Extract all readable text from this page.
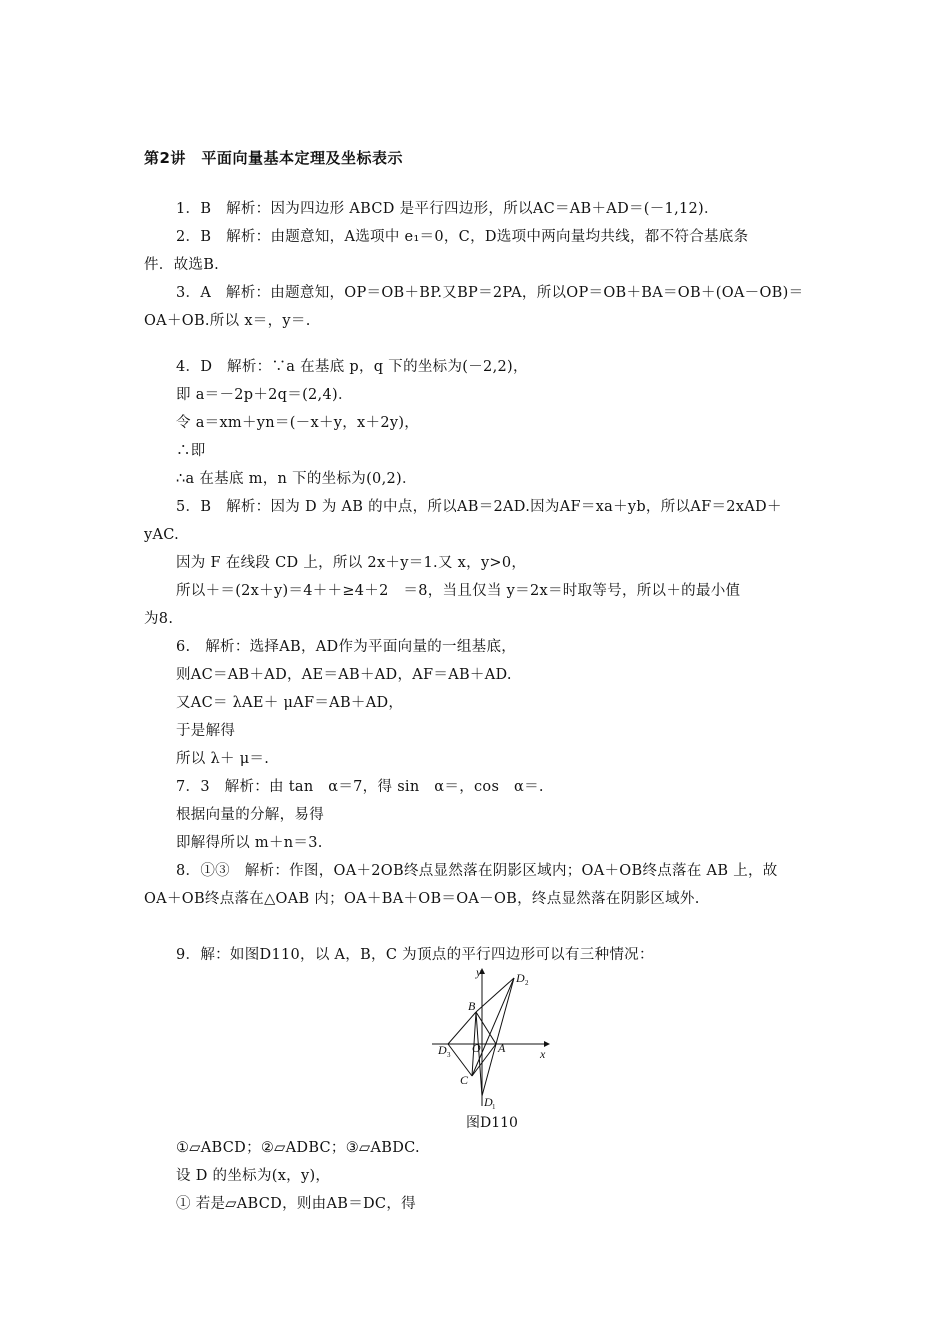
第2讲　平面向量基本定理及坐标表示
1．B　解析：因为四边形 ABCD 是平行四边形，所以AC＝AB＋AD＝(－1,12)．
2．B　解析：由题意知，A选项中 e₁＝0，C，D选项中两向量均共线，都不符合基底条
件．故选B.
3．A　解析：由题意知，OP＝OB＋BP.又BP＝2PA，所以OP＝OB＋BA＝OB＋(OA－OB)＝
OA＋OB.所以 x＝，y＝.
4．D　解析：∵a 在基底 p，q 下的坐标为(－2,2)，
即 a＝－2p＋2q＝(2,4)．
令 a＝xm＋yn＝(－x＋y，x＋2y)，
∴即
∴a 在基底 m，n 下的坐标为(0,2)．
5．B　解析：因为 D 为 AB 的中点，所以AB＝2AD.因为AF＝xa＋yb，所以AF＝2xAD＋
yAC.
因为 F 在线段 CD 上，所以 2x＋y＝1.又 x，y>0，
所以＋＝(2x＋y)＝4＋＋≥4＋2　＝8，当且仅当 y＝2x＝时取等号，所以＋的最小值
为8.
6.　解析：选择AB，AD作为平面向量的一组基底，
则AC＝AB＋AD，AE＝AB＋AD，AF＝AB＋AD.
又AC＝ λAE＋ μAF＝AB＋AD，
于是解得
所以 λ＋ μ＝.
7．3　解析：由 tan　α＝7，得 sin　α＝，cos　α＝.
根据向量的分解，易得
即解得所以 m＋n＝3.
8．①③　解析：作图，OA＋2OB终点显然落在阴影区域内；OA＋OB终点落在 AB 上，故
OA＋OB终点落在△OAB 内；OA＋BA＋OB＝OA－OB，终点显然落在阴影区域外.
9．解：如图D110，以 A，B，C 为顶点的平行四边形可以有三种情况：
y
x
B
O A
C
D
D
D
1
2
3
图D110
①▱ABCD；②▱ADBC；③▱ABDC.
设 D 的坐标为(x，y)，
① 若是▱ABCD，则由AB＝DC，得
